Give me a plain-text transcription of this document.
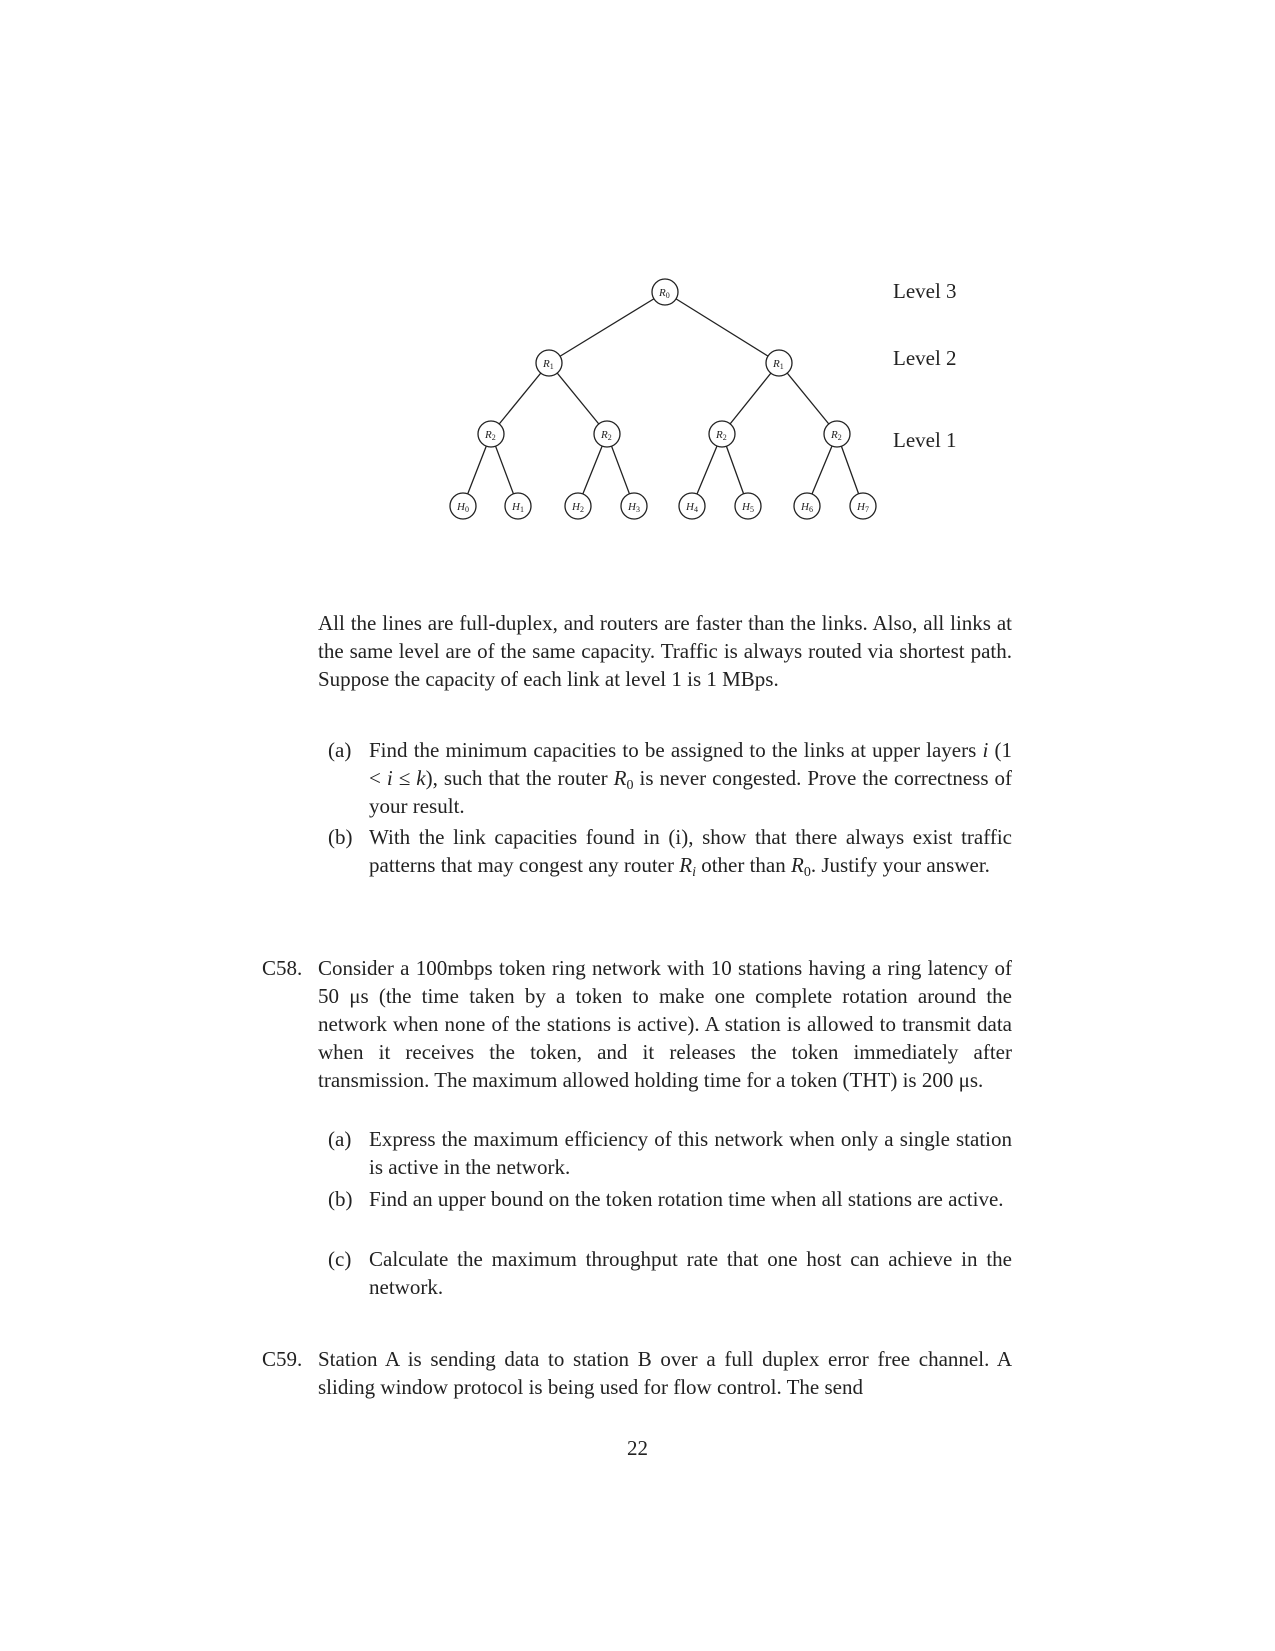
R0
R1	R1
R2	R2	R2	R2
H0	H1	H2	H3	H4	H5	H6	H7
Level 3
Level 2
Level 1

All the lines are full-duplex, and routers are faster than the links. Also, all links at the same level are of the same capacity. Traffic is always routed via shortest path. Suppose the capacity of each link at level 1 is 1 MBps.

(a) Find the minimum capacities to be assigned to the links at upper layers i (1 < i ≤ k), such that the router $R_0$ is never congested. Prove the correctness of your result.
(b) With the link capacities found in (i), show that there always exist traffic patterns that may congest any router $R_i$ other than $R_0$. Justify your answer.
C58. Consider a 100mbps token ring network with 10 stations having a ring latency of 50 μs (the time taken by a token to make one complete rotation around the network when none of the stations is active). A station is allowed to transmit data when it receives the token, and it releases the token immediately after transmission. The maximum allowed holding time for a token (THT) is 200 μs.

(a) Express the maximum efficiency of this network when only a single station is active in the network.
(b) Find an upper bound on the token rotation time when all stations are active.
(c) Calculate the maximum throughput rate that one host can achieve in the network.
C59. Station A is sending data to station B over a full duplex error free channel. A sliding window protocol is being used for flow control. The send

22
